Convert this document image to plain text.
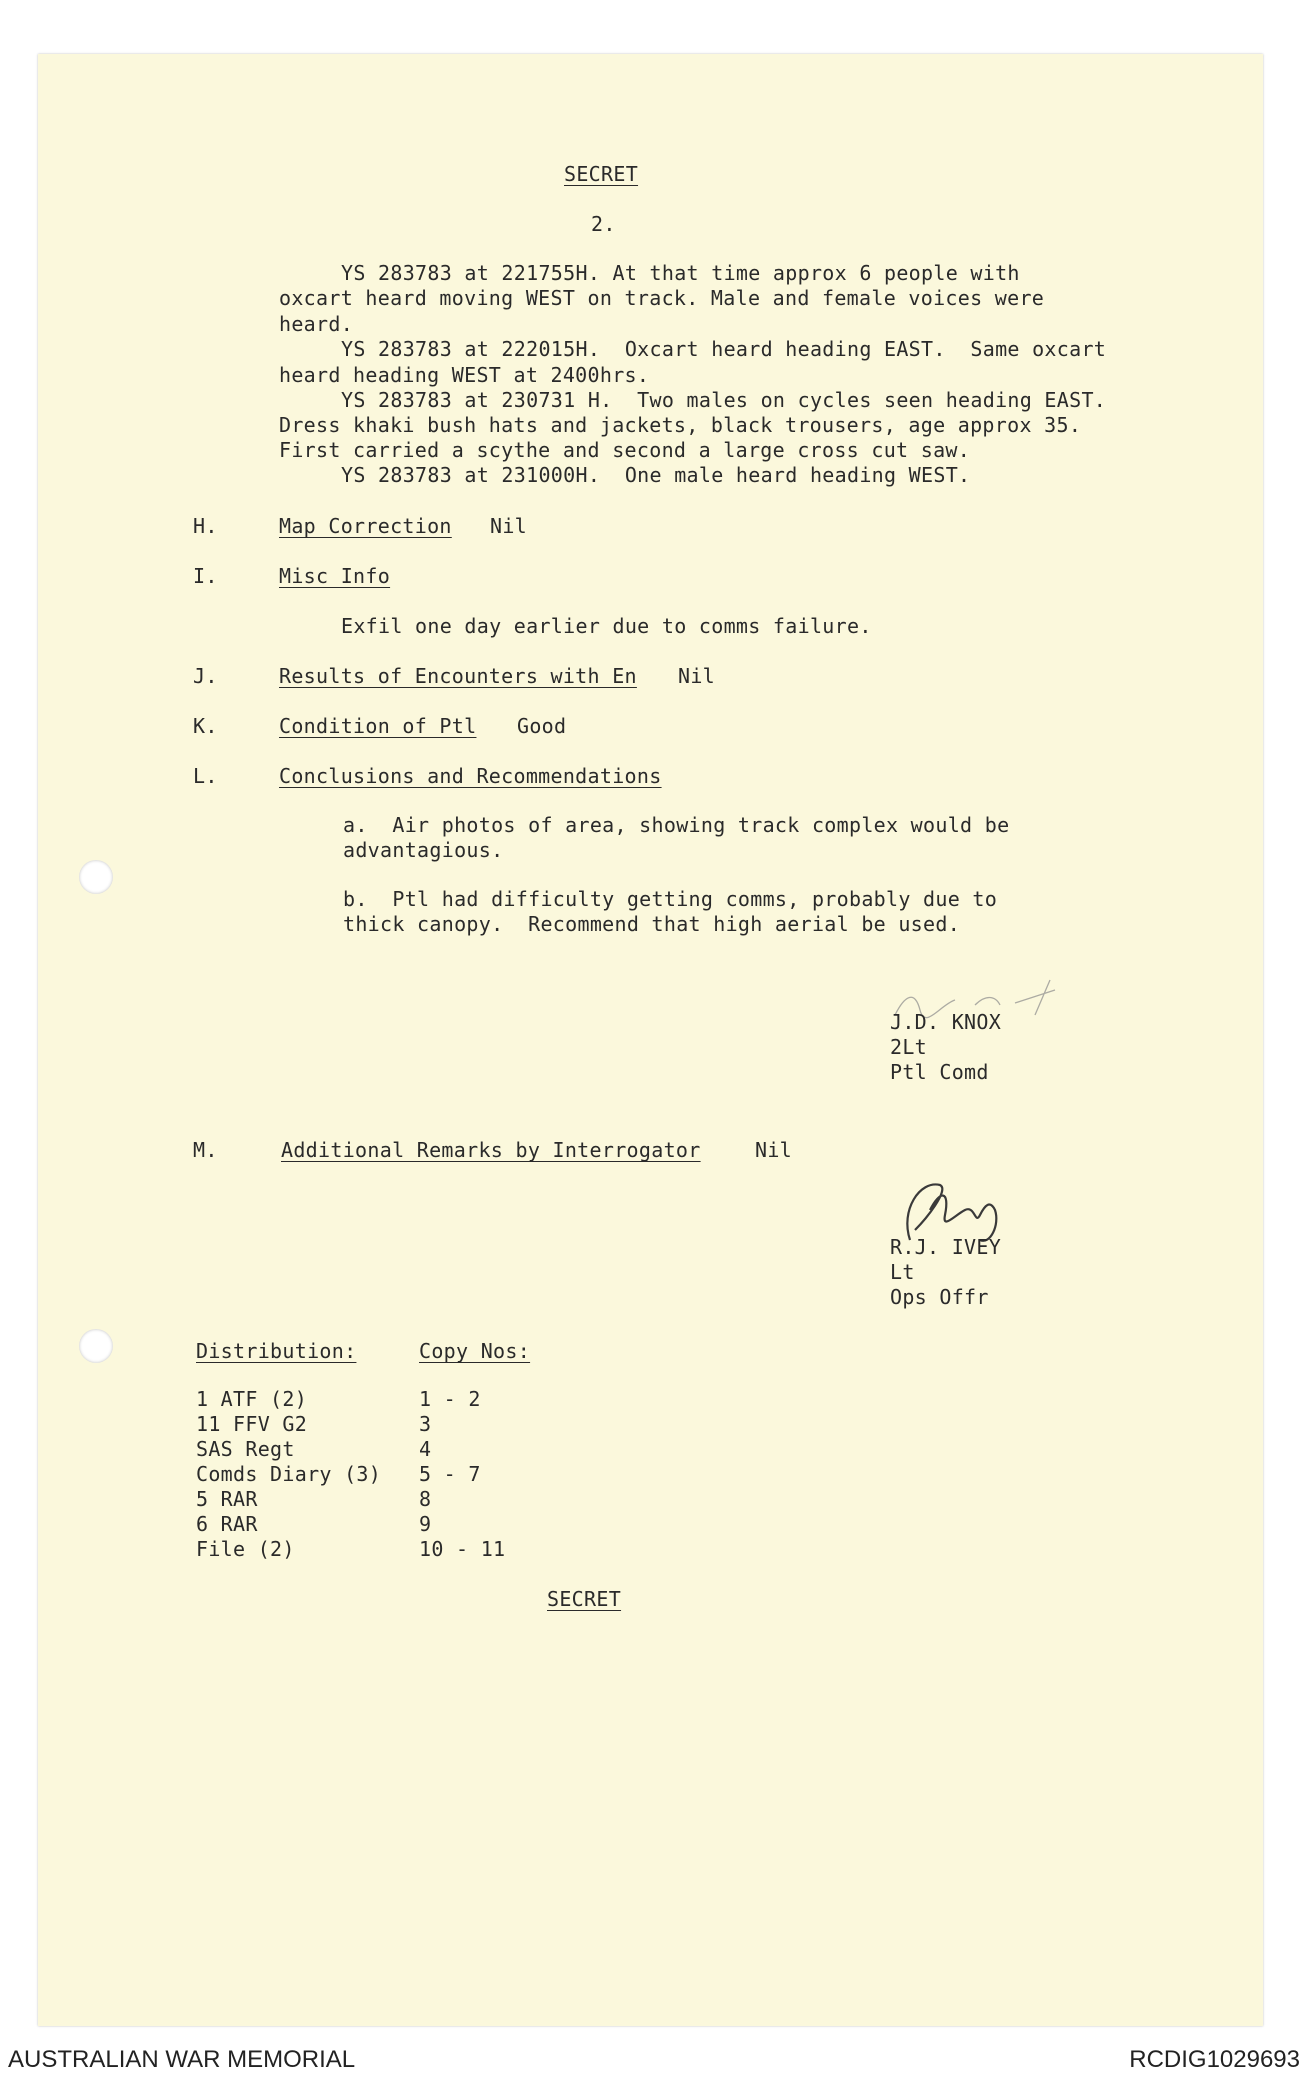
SECRET
2.
YS 283783 at 221755H. At that time approx 6 people with
oxcart heard moving WEST on track. Male and female voices were
heard.
YS 283783 at 222015H.  Oxcart heard heading EAST.  Same oxcart
heard heading WEST at 2400hrs.
YS 283783 at 230731 H.  Two males on cycles seen heading EAST.
Dress khaki bush hats and jackets, black trousers, age approx 35.
First carried a scythe and second a large cross cut saw.
YS 283783 at 231000H.  One male heard heading WEST.
H.	Map Correction Nil
I.	Misc Info
Exfil one day earlier due to comms failure.
J.	Results of Encounters with En Nil
K.	Condition of Ptl Good
L.	Conclusions and Recommendations
a.  Air photos of area, showing track complex would be
advantagious.
b.  Ptl had difficulty getting comms, probably due to
thick canopy.  Recommend that high aerial be used.
J.D. KNOX
2Lt
Ptl Comd
M.	Additional Remarks by Interrogator	Nil
R.J. IVEY
Lt
Ops Offr
Distribution:	Copy Nos:
1 ATF (2)	1 - 2
11 FFV G2	3
SAS Regt	4
Comds Diary (3) 5 - 7
5 RAR	8
6 RAR	9
File (2)	10 - 11
SECRET
AUSTRALIAN WAR MEMORIAL	RCDIG1029693
